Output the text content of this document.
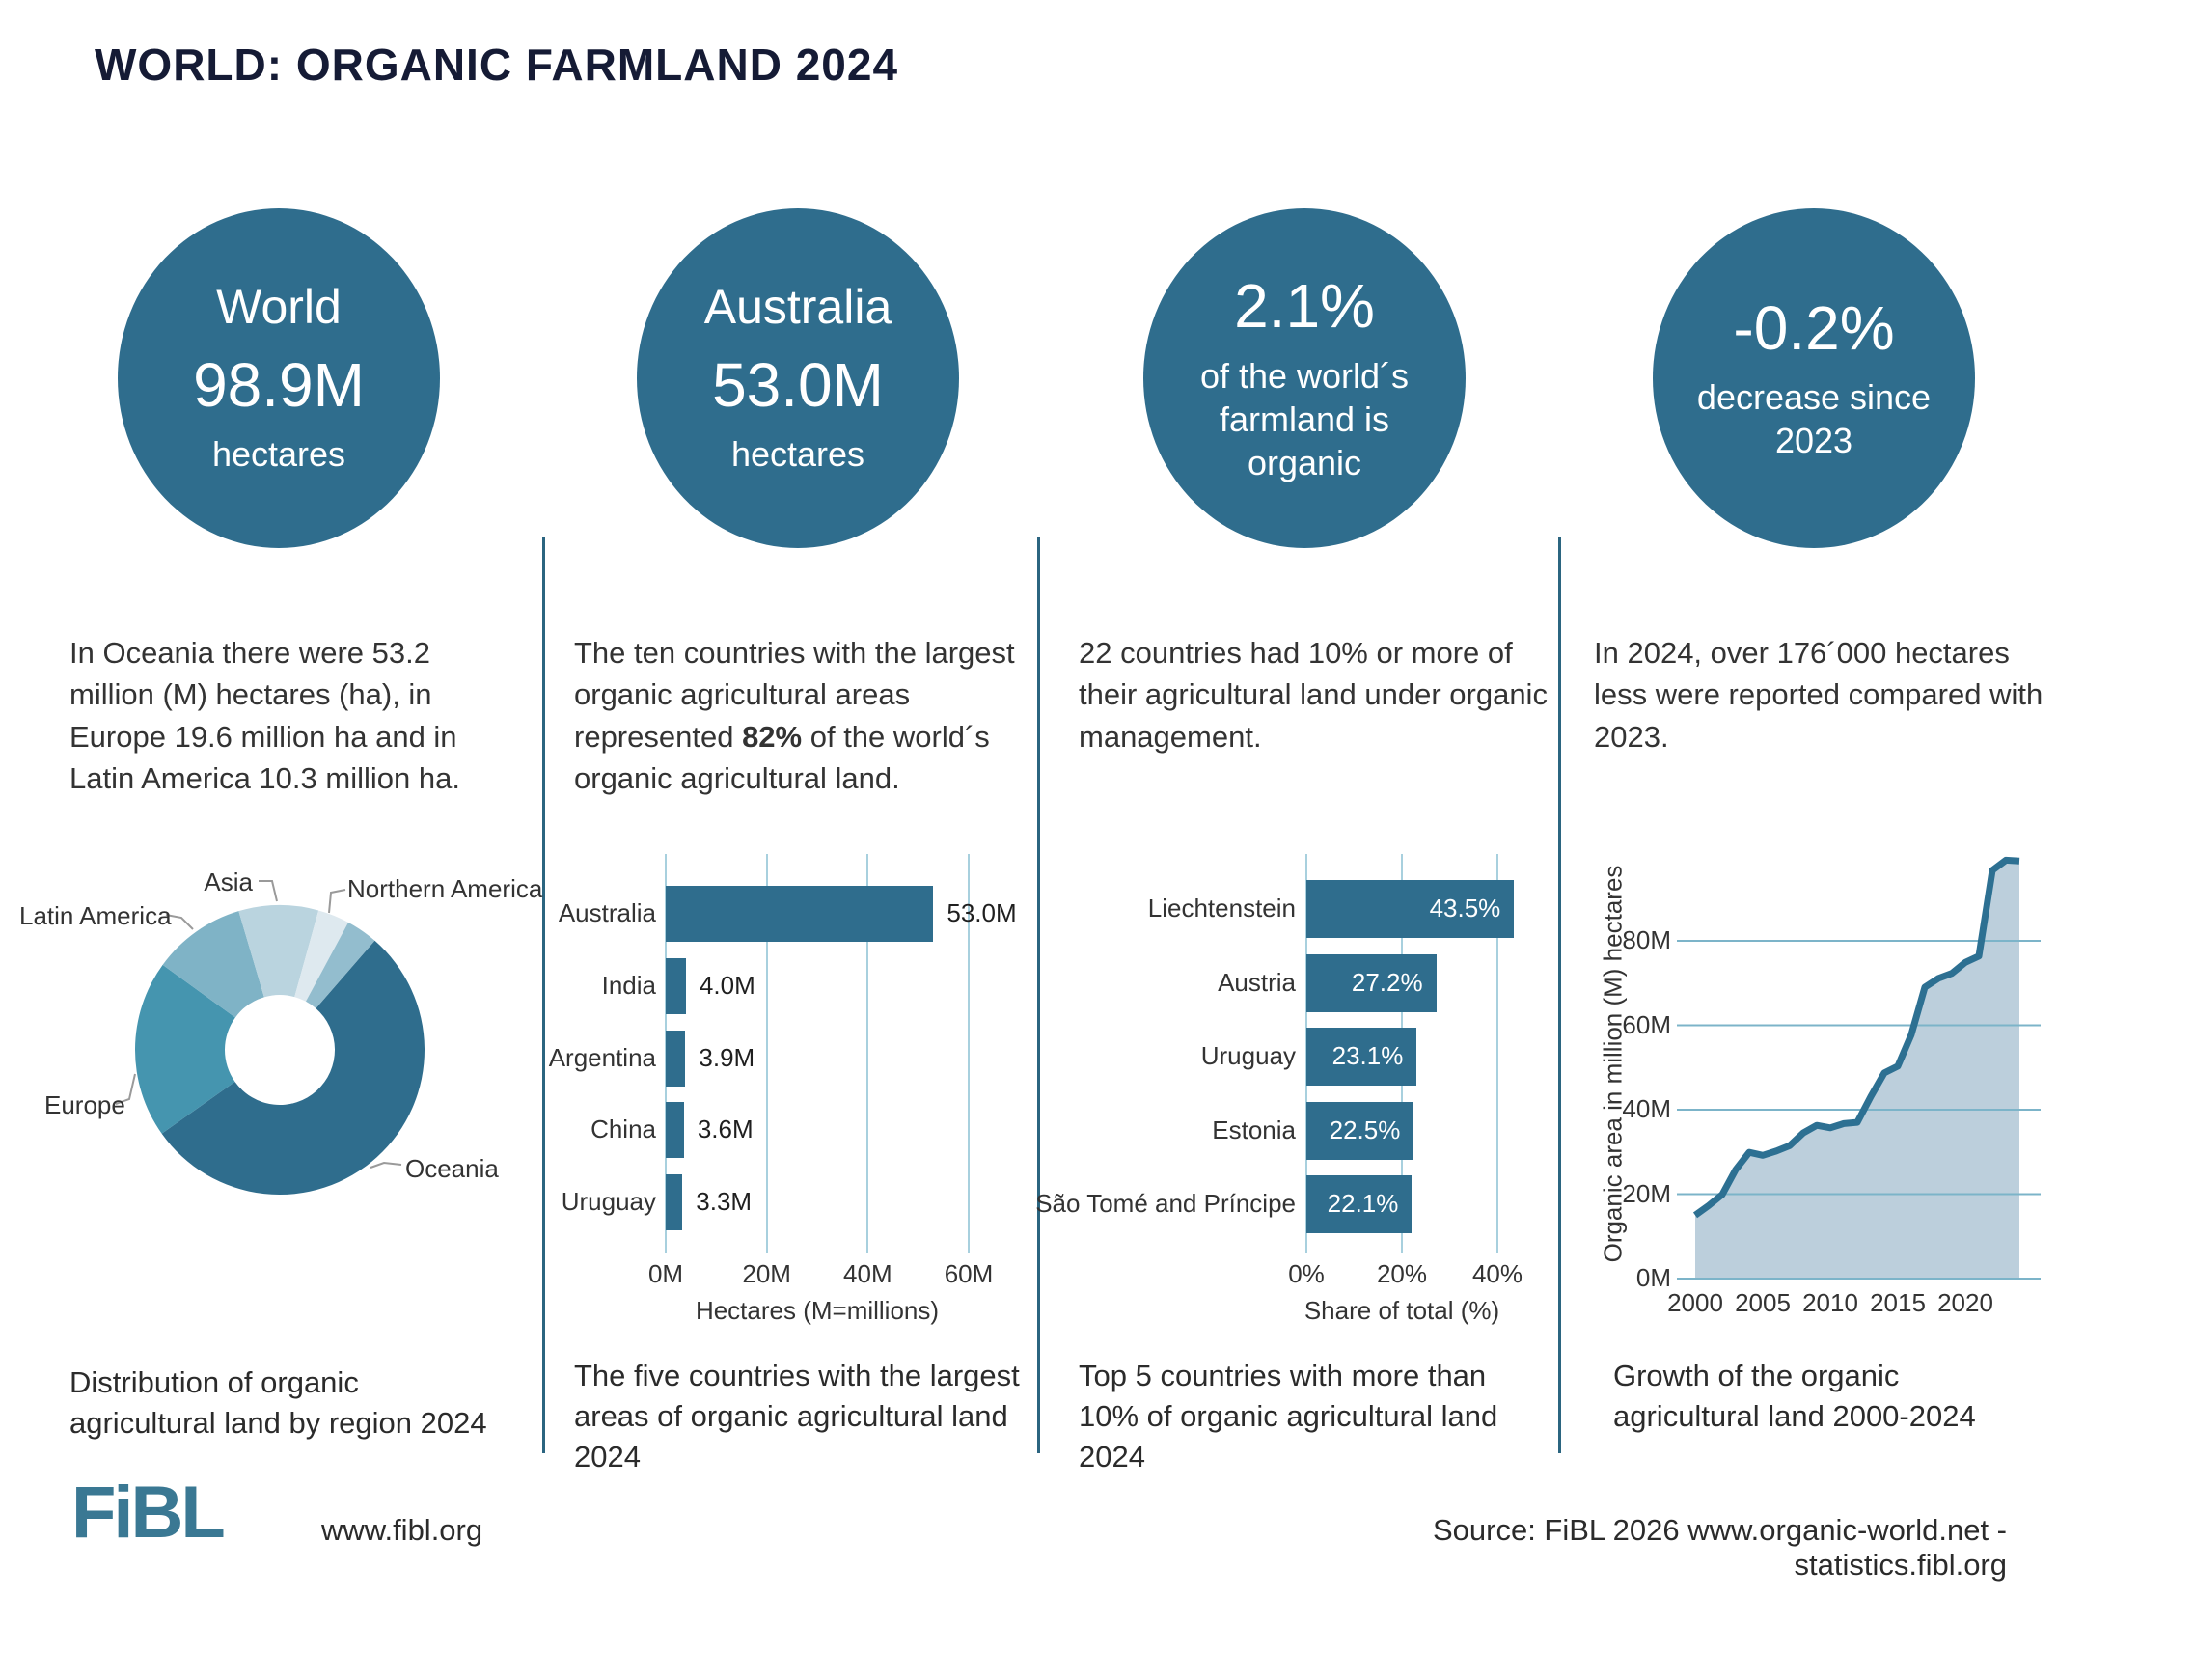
WORLD: ORGANIC FARMLAND 2024
World
98.9M
hectares
Australia
53.0M
hectares
2.1%
of the world´s farmland is organic
-0.2%
decrease since 2023
In Oceania there were 53.2 million (M) hectares (ha), in Europe 19.6 million ha and in Latin America 10.3 million ha.
The ten countries with the largest organic agricultural areas represented 82% of the world´s organic agricultural land.
22 countries had 10% or more of their agricultural land under organic management.
In 2024, over 176´000 hectares less were reported compared with 2023.
Asia	Northern America
Latin America
Europe
Oceania
0M	20M	40M	60M
Australia	53.0M
India 4.0M
Argentina 3.9M
China 3.6M
Uruguay 3.3M
Hectares (M=millions)
0%	20%	40%
Liechtenstein	43.5%
Austria	27.2%
Uruguay	23.1%
Estonia	22.5%
São Tomé and Príncipe	22.1%
Share of total (%)
Organic area in million (M) hectares
0M
20M
40M
60M
80M
2000 2005 2010 2015 2020
Distribution of organic agricultural land by region 2024
The five countries with the largest areas of organic agricultural land 2024
Top 5 countries with more than 10% of organic agricultural land 2024
Growth of the organic agricultural land 2000-2024
FiBL	www.fibl.org	Source: FiBL 2026 www.organic-world.net - statistics.fibl.org
